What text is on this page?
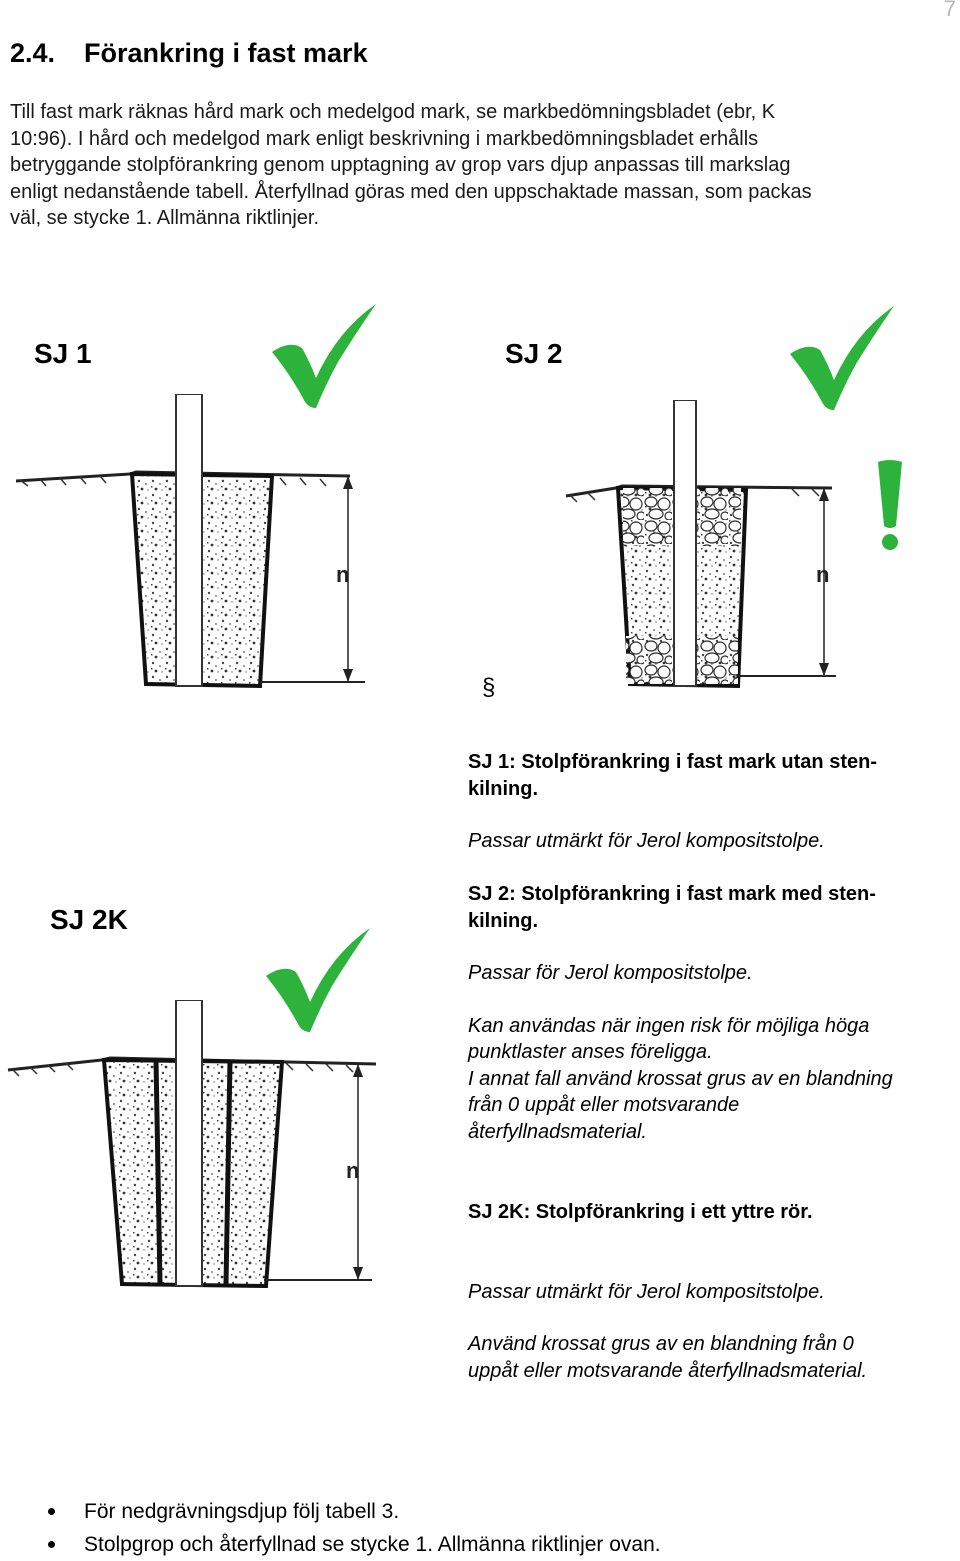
7
2.4. Förankring i fast mark
Till fast mark räknas hård mark och medelgod mark, se markbedömningsbladet (ebr, K
10:96). I hård och medelgod mark enligt beskrivning i markbedömningsbladet erhålls
betryggande stolpförankring genom upptagning av grop vars djup anpassas till markslag
enligt nedanstående tabell. Återfyllnad göras med den uppschaktade massan, som packas
väl, se stycke 1. Allmänna riktlinjer.
SJ 1
n
SJ 2
n
§
SJ 2K
n
SJ 1: Stolpförankring i fast mark utan sten-
kilning.
Passar utmärkt för Jerol kompositstolpe.
SJ 2: Stolpförankring i fast mark med sten-
kilning.
Passar för Jerol kompositstolpe.
Kan användas när ingen risk för möjliga höga
punktlaster anses föreligga.
I annat fall använd krossat grus av en blandning
från 0 uppåt eller motsvarande
återfyllnadsmaterial.
SJ 2K: Stolpförankring i ett yttre rör.
Passar utmärkt för Jerol kompositstolpe.
Använd krossat grus av en blandning från 0
uppåt eller motsvarande återfyllnadsmaterial.
För nedgrävningsdjup följ tabell 3.
Stolpgrop och återfyllnad se stycke 1. Allmänna riktlinjer ovan.
